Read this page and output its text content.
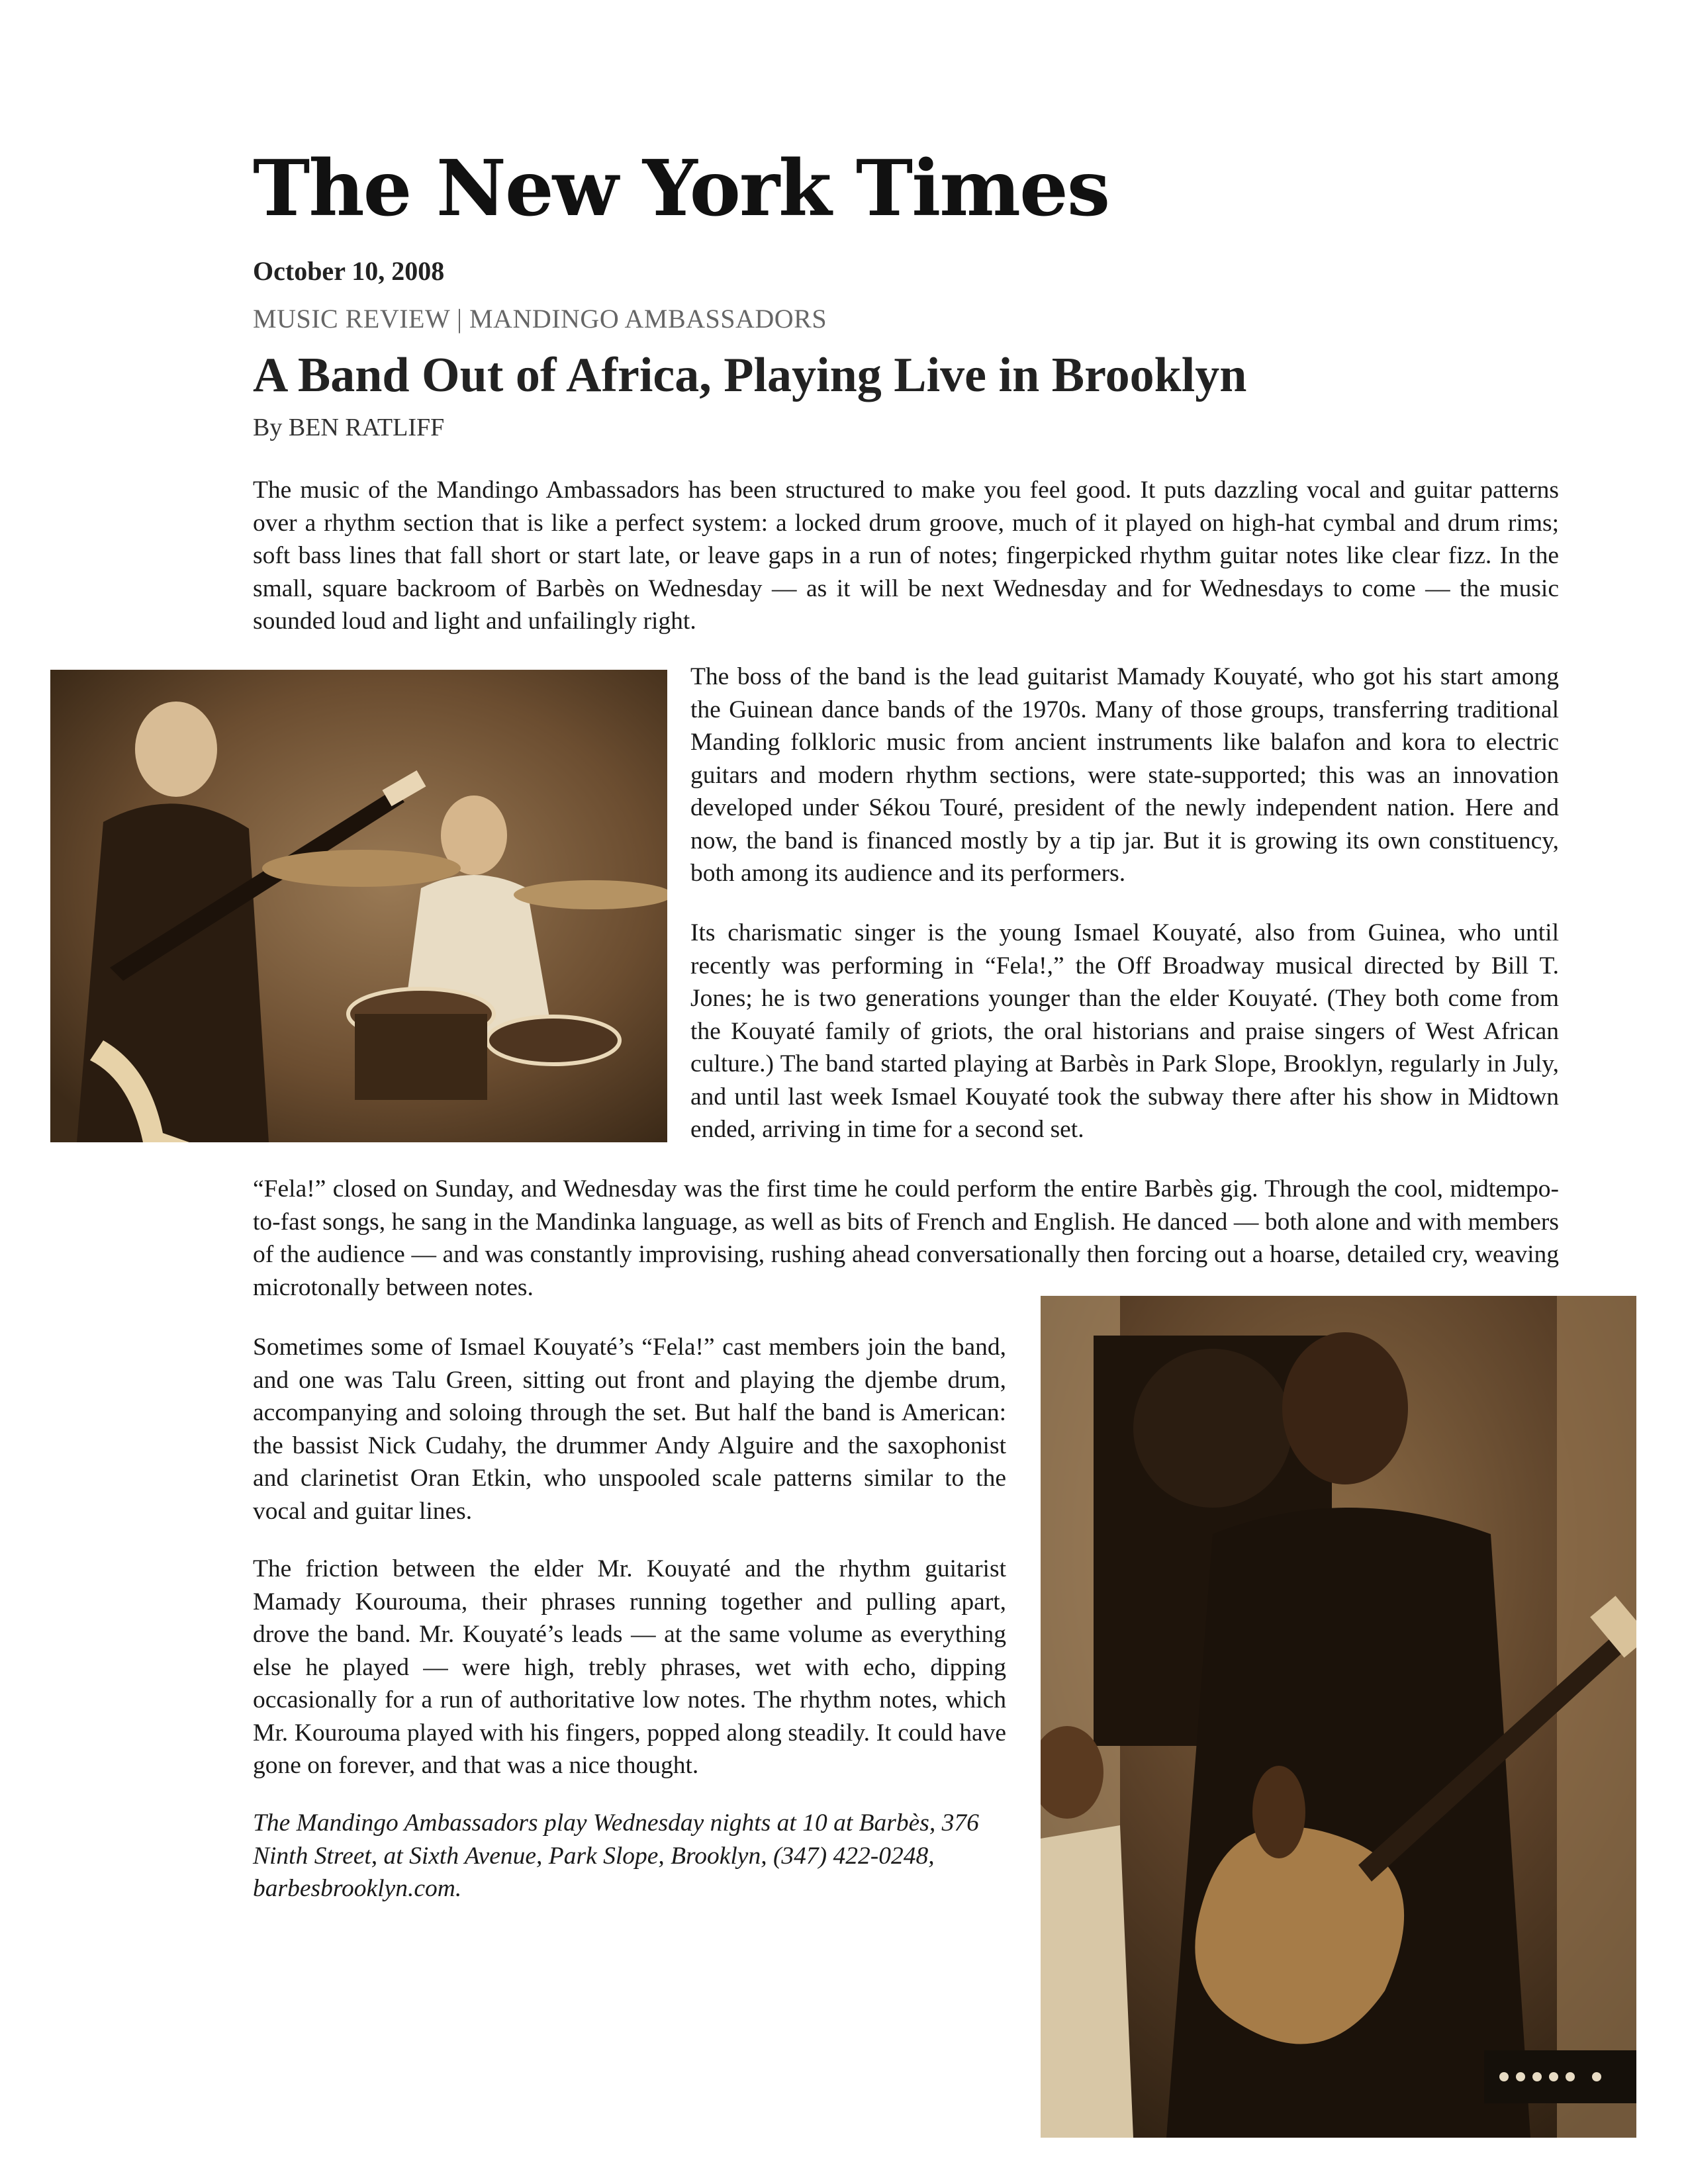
The New York Times
October 10, 2008
MUSIC REVIEW | MANDINGO AMBASSADORS
A Band Out of Africa, Playing Live in Brooklyn
By BEN RATLIFF

The music of the Mandingo Ambassadors has been structured to make you feel good. It puts dazzling vocal and guitar patterns over a rhythm section that is like a perfect system: a locked drum groove, much of it played on high-hat cymbal and drum rims; soft bass lines that fall short or start late, or leave gaps in a run of notes; fingerpicked rhythm guitar notes like clear fizz. In the small, square backroom of Barbès on Wednesday — as it will be next Wednesday and for Wednesdays to come — the music sounded loud and light and unfailingly right.

The boss of the band is the lead guitarist Mamady Kouyaté, who got his start among the Guinean dance bands of the 1970s. Many of those groups, transferring traditional Manding folkloric music from ancient instruments like balafon and kora to electric guitars and modern rhythm sections, were state-supported; this was an innovation developed under Sékou Touré, president of the newly independent nation. Here and now, the band is financed mostly by a tip jar. But it is growing its own constituency, both among its audience and its performers.

Its charismatic singer is the young Ismael Kouyaté, also from Guinea, who until recently was performing in “Fela!,” the Off Broadway musical directed by Bill T. Jones; he is two generations younger than the elder Kouyaté. (They both come from the Kouyaté family of griots, the oral historians and praise singers of West African culture.) The band started playing at Barbès in Park Slope, Brooklyn, regularly in July, and until last week Ismael Kouyaté took the subway there after his show in Midtown ended, arriving in time for a second set.

“Fela!” closed on Sunday, and Wednesday was the first time he could perform the entire Barbès gig. Through the cool, midtempo-to-fast songs, he sang in the Mandinka language, as well as bits of French and English. He danced — both alone and with members of the audience — and was constantly improvising, rushing ahead conversationally then forcing out a hoarse, detailed cry, weaving microtonally between notes.

Sometimes some of Ismael Kouyaté’s “Fela!” cast members join the band, and one was Talu Green, sitting out front and playing the djembe drum, accompanying and soloing through the set. But half the band is American: the bassist Nick Cudahy, the drummer Andy Alguire and the saxophonist and clarinetist Oran Etkin, who unspooled scale patterns similar to the vocal and guitar lines.

The friction between the elder Mr. Kouyaté and the rhythm guitarist Mamady Kourouma, their phrases running together and pulling apart, drove the band. Mr. Kouyaté’s leads — at the same volume as everything else he played — were high, trebly phrases, wet with echo, dipping occasionally for a run of authoritative low notes. The rhythm notes, which Mr. Kourouma played with his fingers, popped along steadily. It could have gone on forever, and that was a nice thought.

The Mandingo Ambassadors play Wednesday nights at 10 at Barbès, 376 Ninth Street, at Sixth Avenue, Park Slope, Brooklyn, (347) 422-0248, barbesbrooklyn.com.
